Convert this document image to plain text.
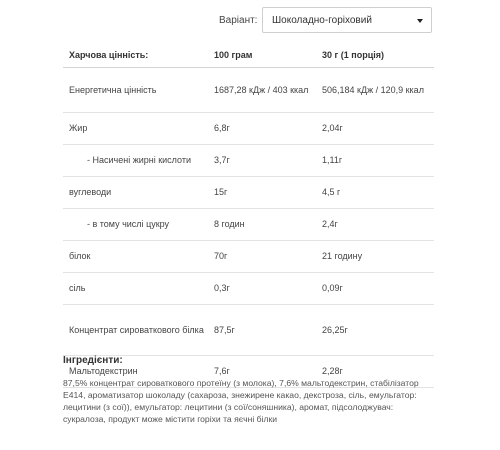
Варіант: Шоколадно-горіховий
Харчова цінність:	100 грам	30 г (1 порція)
Енергетична цінність	1687,28 кДж / 403 ккал	506,184 кДж / 120,9 ккал
Жир	6,8г	2,04г
- Насичені жирні кислоти	3,7г	1,11г
вуглеводи	15г	4,5 г
- в тому числі цукру	8 годин	2,4г
білок	70г	21 годину
сіль	0,3г	0,09г
Концентрат сироваткового білка	87,5г	26,25г
Мальтодекстрин	7,6г	2,28г
Інгредієнти:
87,5% концентрат сироваткового протеїну (з молока), 7,6% мальтодекстрин, стабілізатор E414, ароматизатор шоколаду (сахароза, знежирене какао, декстроза, сіль, емульгатор: лецитини (з сої)), емульгатор: лецитини (з сої/соняшника), аромат, підсолоджувач: сукралоза, продукт може містити горіхи та яєчні білки
